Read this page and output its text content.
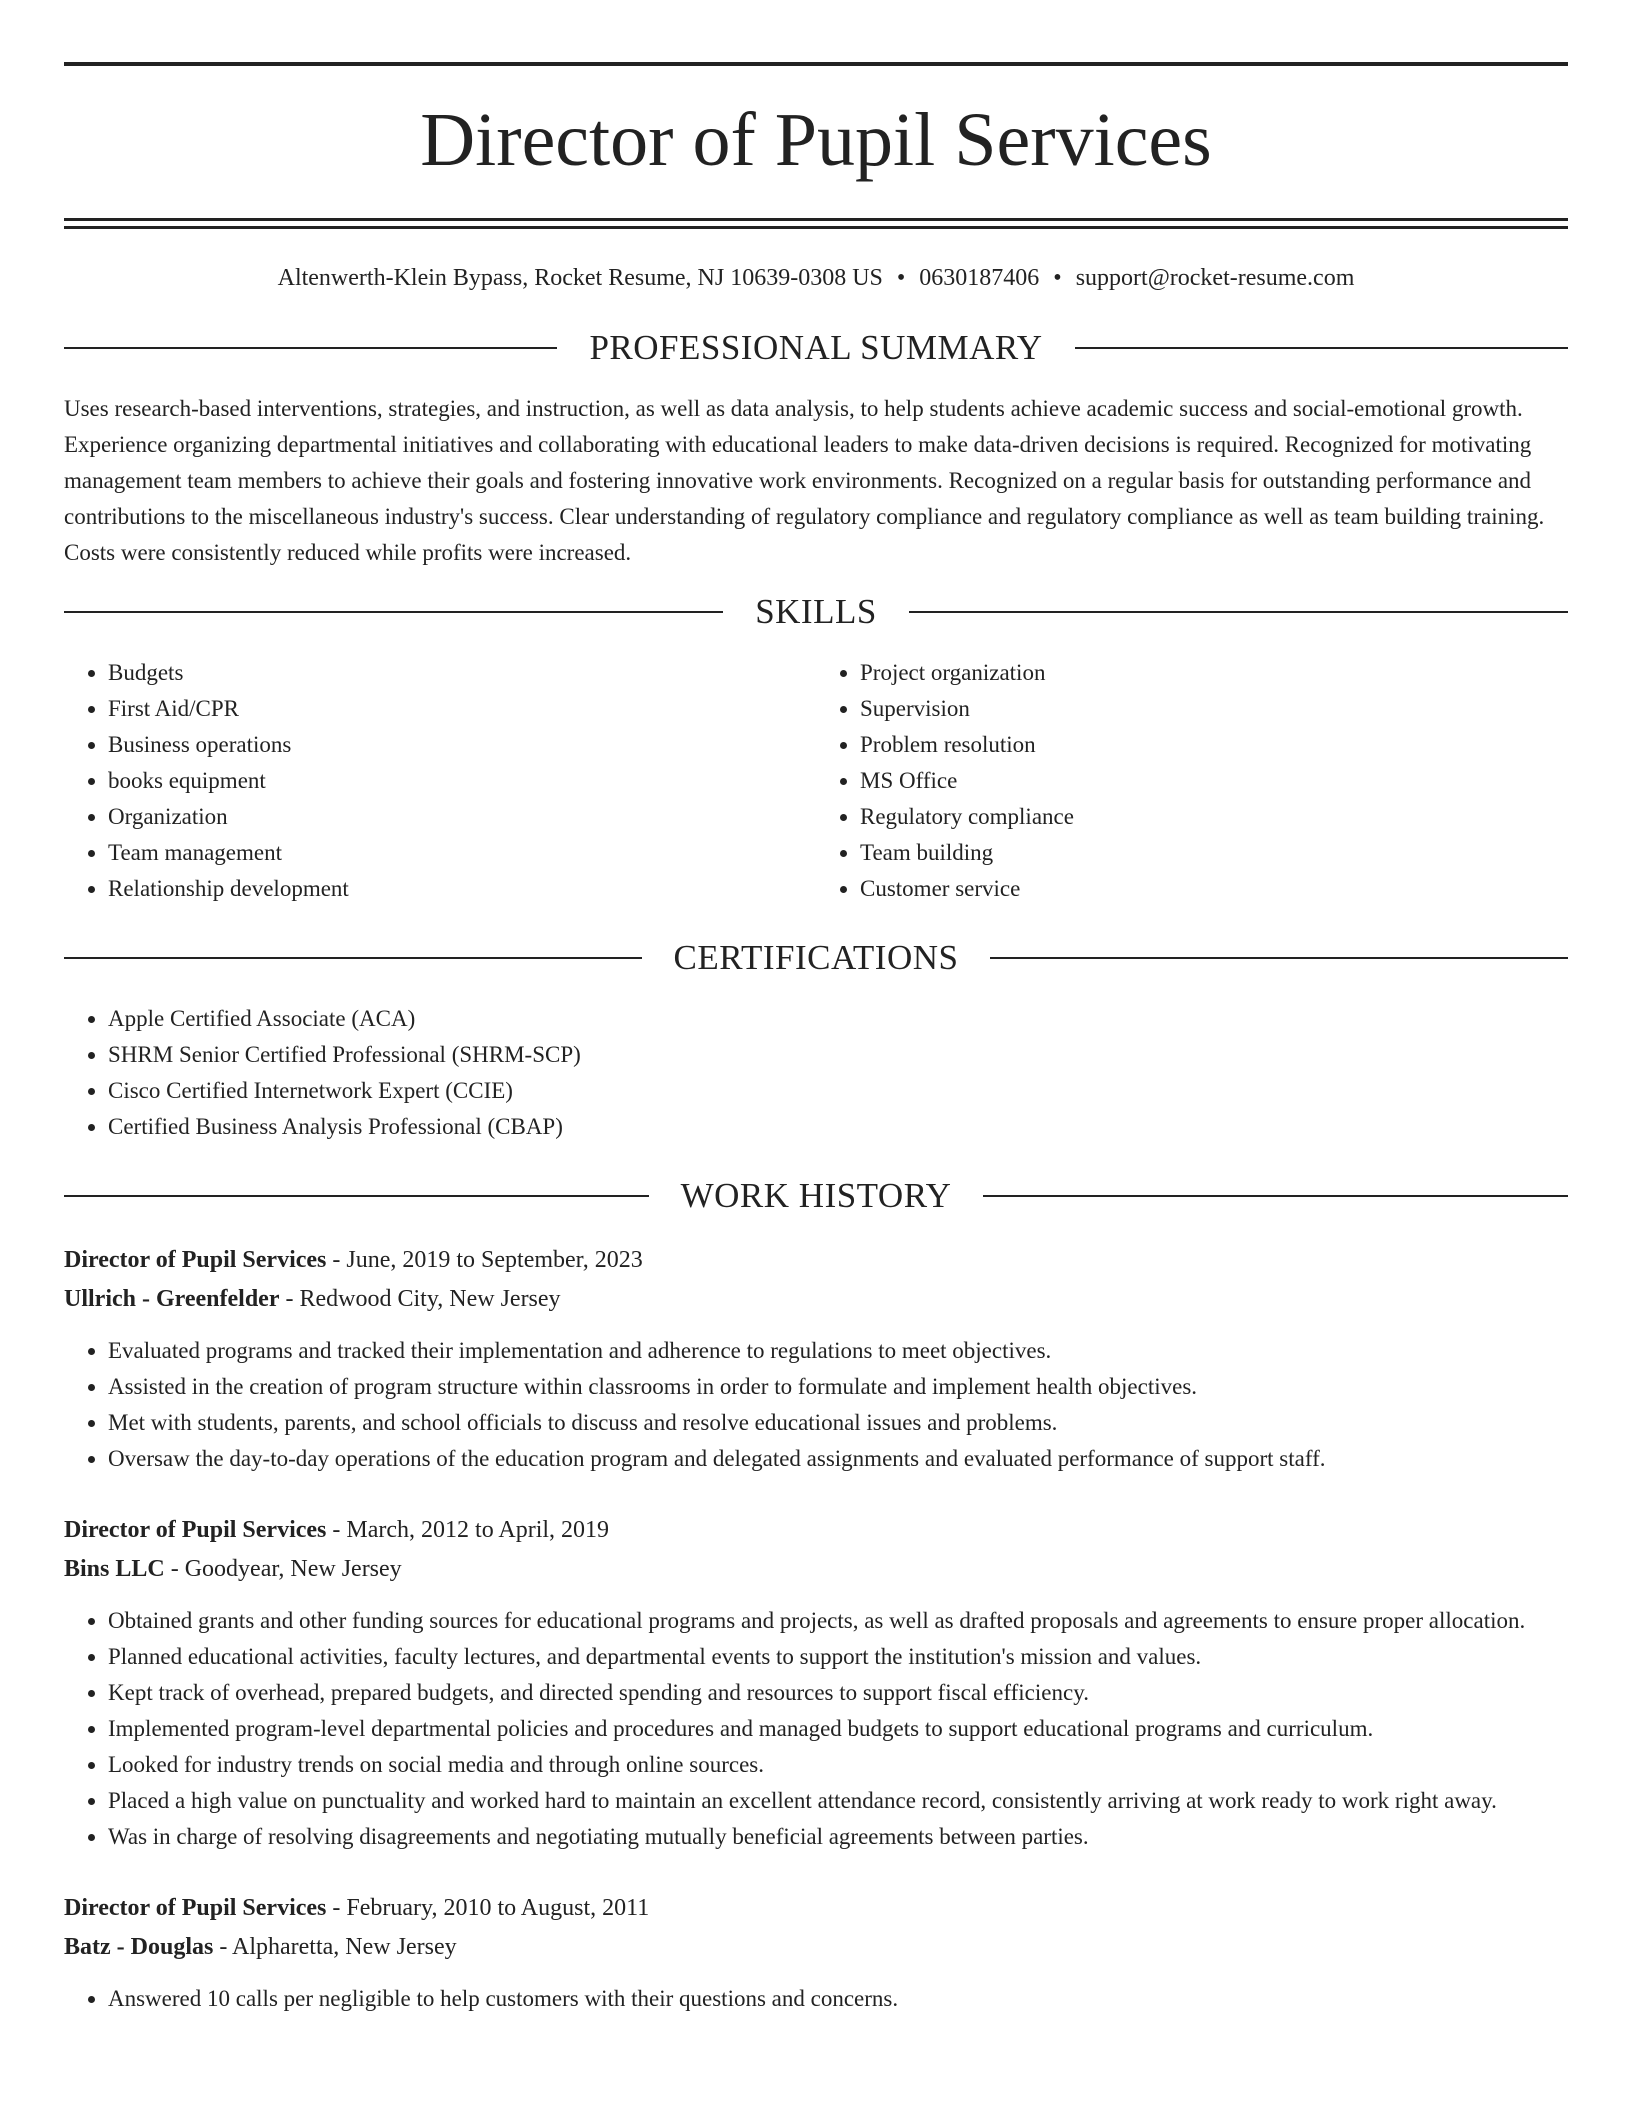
Director of Pupil Services
Altenwerth-Klein Bypass, Rocket Resume, NJ 10639-0308 US • 0630187406 • support@rocket-resume.com
PROFESSIONAL SUMMARY

Uses research-based interventions, strategies, and instruction, as well as data analysis, to help students achieve academic success and social-emotional growth. Experience organizing departmental initiatives and collaborating with educational leaders to make data-driven decisions is required. Recognized for motivating management team members to achieve their goals and fostering innovative work environments. Recognized on a regular basis for outstanding performance and contributions to the miscellaneous industry's success. Clear understanding of regulatory compliance and regulatory compliance as well as team building training. Costs were consistently reduced while profits were increased.

SKILLS
• Budgets
• First Aid/CPR
• Business operations
• books equipment
• Organization
• Team management
• Relationship development
• Project organization
• Supervision
• Problem resolution
• MS Office
• Regulatory compliance
• Team building
• Customer service
CERTIFICATIONS
• Apple Certified Associate (ACA)
• SHRM Senior Certified Professional (SHRM-SCP)
• Cisco Certified Internetwork Expert (CCIE)
• Certified Business Analysis Professional (CBAP)
WORK HISTORY
Director of Pupil Services - June, 2019 to September, 2023
Ullrich - Greenfelder - Redwood City, New Jersey
• Evaluated programs and tracked their implementation and adherence to regulations to meet objectives.
• Assisted in the creation of program structure within classrooms in order to formulate and implement health objectives.
• Met with students, parents, and school officials to discuss and resolve educational issues and problems.
• Oversaw the day-to-day operations of the education program and delegated assignments and evaluated performance of support staff.
Director of Pupil Services - March, 2012 to April, 2019
Bins LLC - Goodyear, New Jersey
• Obtained grants and other funding sources for educational programs and projects, as well as drafted proposals and agreements to ensure proper allocation.
• Planned educational activities, faculty lectures, and departmental events to support the institution's mission and values.
• Kept track of overhead, prepared budgets, and directed spending and resources to support fiscal efficiency.
• Implemented program-level departmental policies and procedures and managed budgets to support educational programs and curriculum.
• Looked for industry trends on social media and through online sources.
• Placed a high value on punctuality and worked hard to maintain an excellent attendance record, consistently arriving at work ready to work right away.
• Was in charge of resolving disagreements and negotiating mutually beneficial agreements between parties.
Director of Pupil Services - February, 2010 to August, 2011
Batz - Douglas - Alpharetta, New Jersey
• Answered 10 calls per negligible to help customers with their questions and concerns.
